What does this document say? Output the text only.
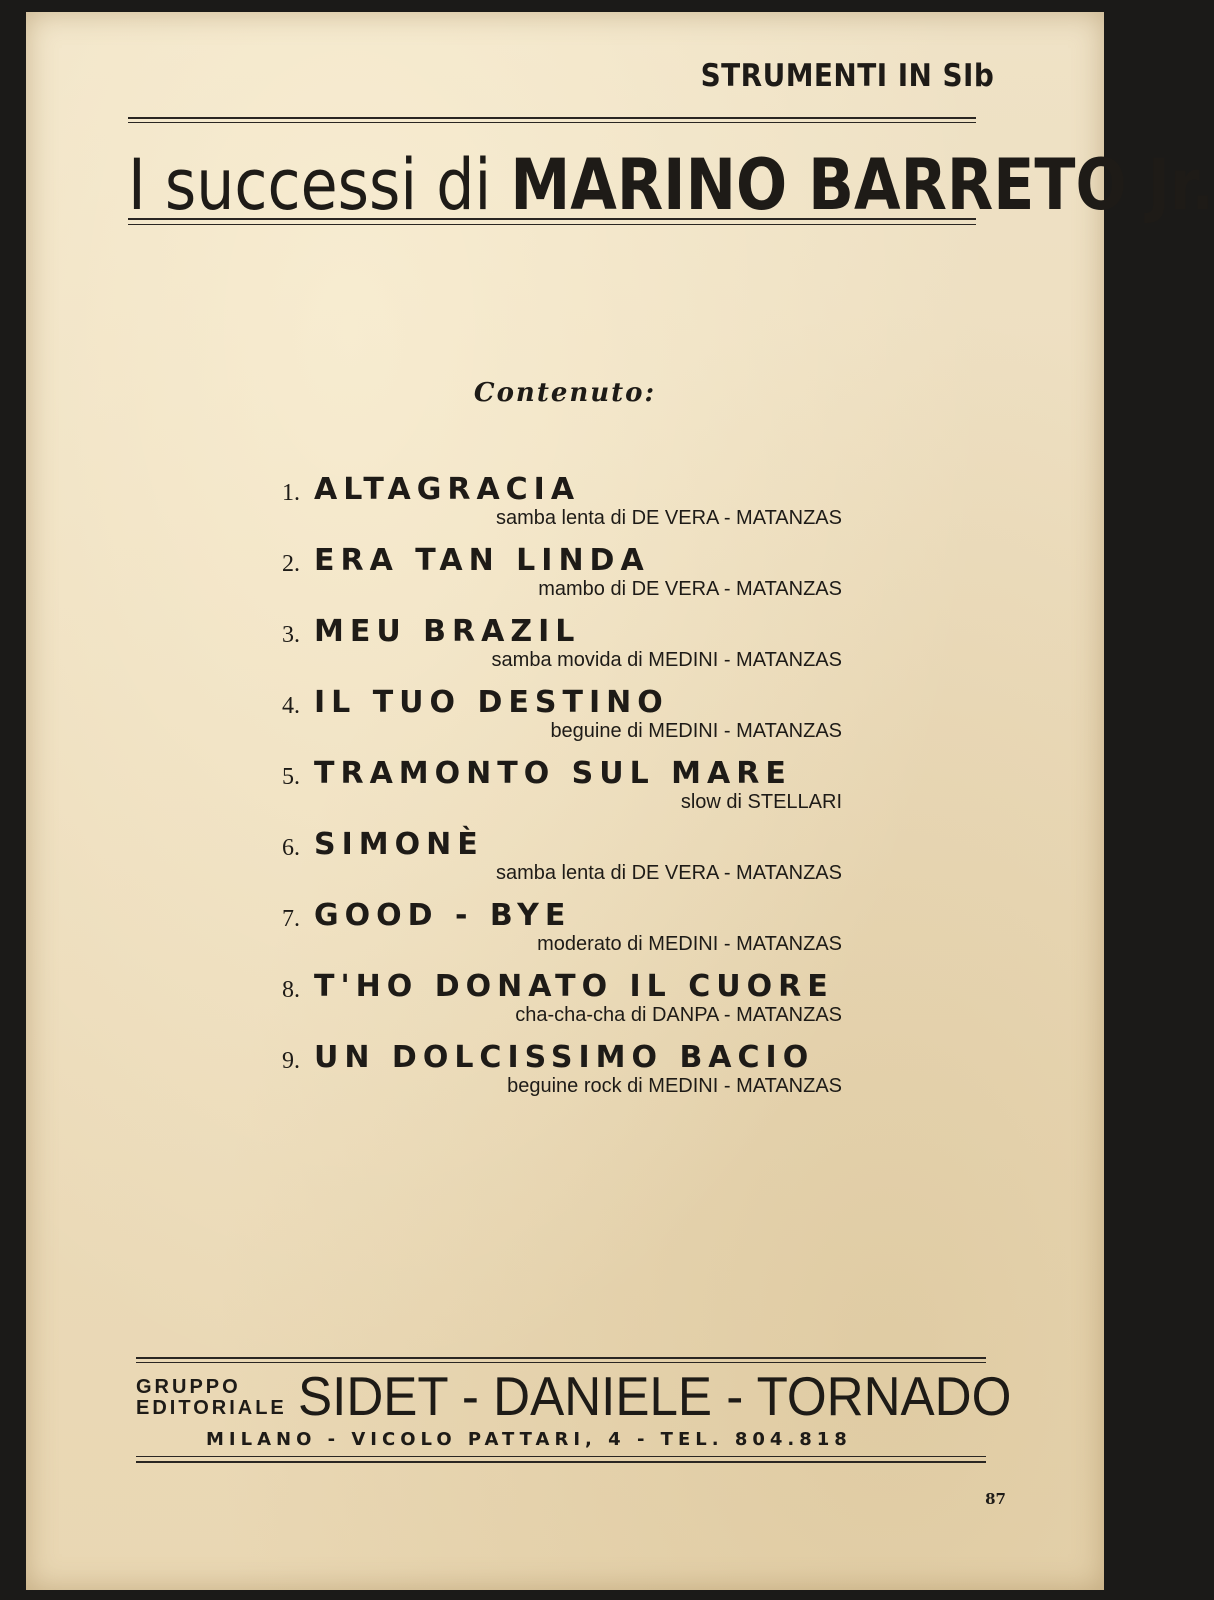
STRUMENTI IN SIb
I successi di MARINO BARRETO Jr.
Contenuto:
1. ALTAGRACIA
samba lenta di DE VERA - MATANZAS
2. ERA TAN LINDA
mambo di DE VERA - MATANZAS
3. MEU BRAZIL
samba movida di MEDINI - MATANZAS
4. IL TUO DESTINO
beguine di MEDINI - MATANZAS
5. TRAMONTO SUL MARE
slow di STELLARI
6. SIMONÈ
samba lenta di DE VERA - MATANZAS
7. GOOD - BYE
moderato di MEDINI - MATANZAS
8. T'HO DONATO IL CUORE
cha-cha-cha di DANPA - MATANZAS
9. UN DOLCISSIMO BACIO
beguine rock di MEDINI - MATANZAS
GRUPPO
EDITORIALE SIDET - DANIELE - TORNADO
MILANO - VICOLO PATTARI, 4 - TEL. 804.818
87
